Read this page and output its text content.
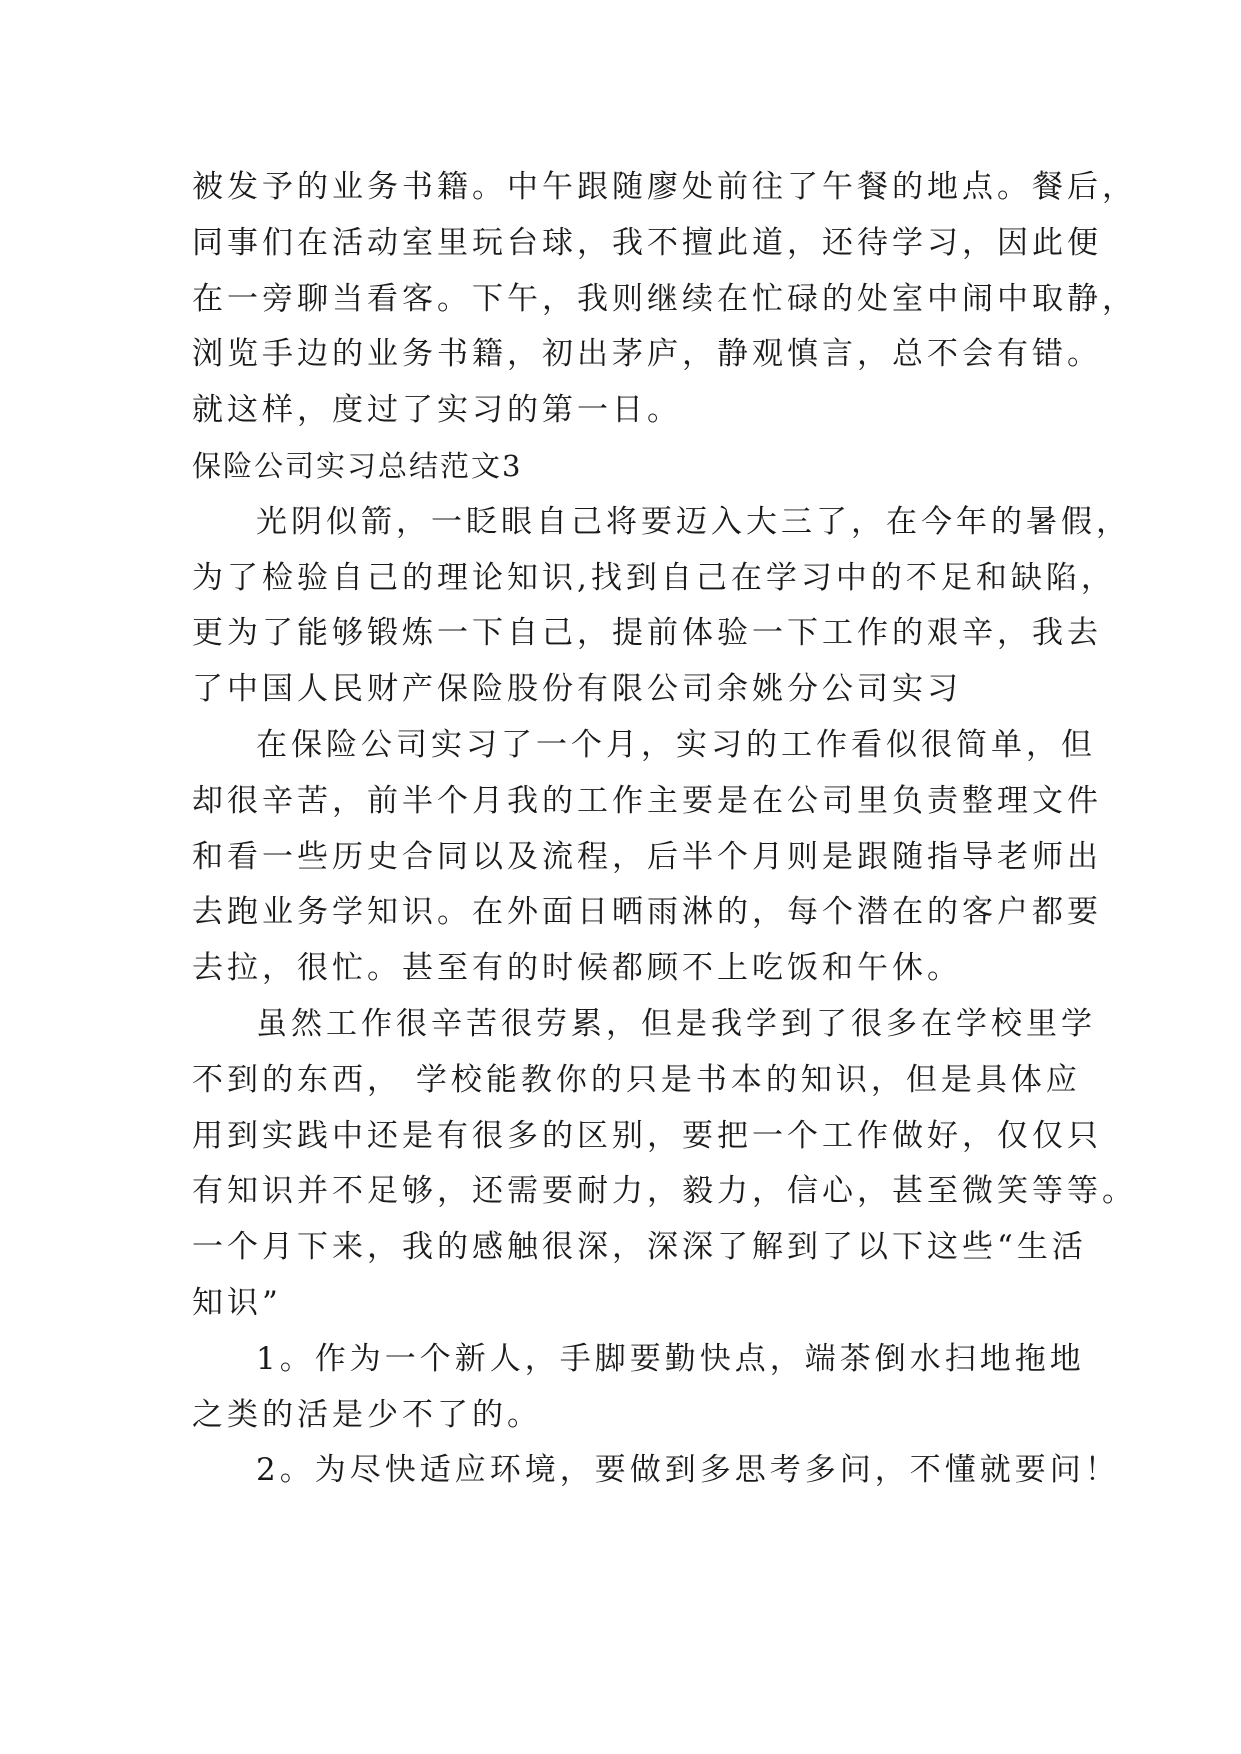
被发予的业务书籍。中午跟随廖处前往了午餐的地点。餐后，
同事们在活动室里玩台球，我不擅此道，还待学习，因此便
在一旁聊当看客。下午，我则继续在忙碌的处室中闹中取静，
浏览手边的业务书籍，初出茅庐，静观慎言，总不会有错。
就这样，度过了实习的第一日。
保险公司实习总结范文3
光阴似箭，一眨眼自己将要迈入大三了，在今年的暑假，
为了检验自己的理论知识,找到自己在学习中的不足和缺陷，
更为了能够锻炼一下自己，提前体验一下工作的艰辛，我去
了中国人民财产保险股份有限公司余姚分公司实习
在保险公司实习了一个月，实习的工作看似很简单，但
却很辛苦，前半个月我的工作主要是在公司里负责整理文件
和看一些历史合同以及流程，后半个月则是跟随指导老师出
去跑业务学知识。在外面日晒雨淋的，每个潜在的客户都要
去拉，很忙。甚至有的时候都顾不上吃饭和午休。
虽然工作很辛苦很劳累，但是我学到了很多在学校里学
不到的东西， 学校能教你的只是书本的知识，但是具体应
用到实践中还是有很多的区别，要把一个工作做好，仅仅只
有知识并不足够，还需要耐力，毅力，信心，甚至微笑等等。
一个月下来，我的感触很深，深深了解到了以下这些“生活
知识”
1。作为一个新人，手脚要勤快点，端茶倒水扫地拖地
之类的活是少不了的。
2。为尽快适应环境，要做到多思考多问，不懂就要问！
